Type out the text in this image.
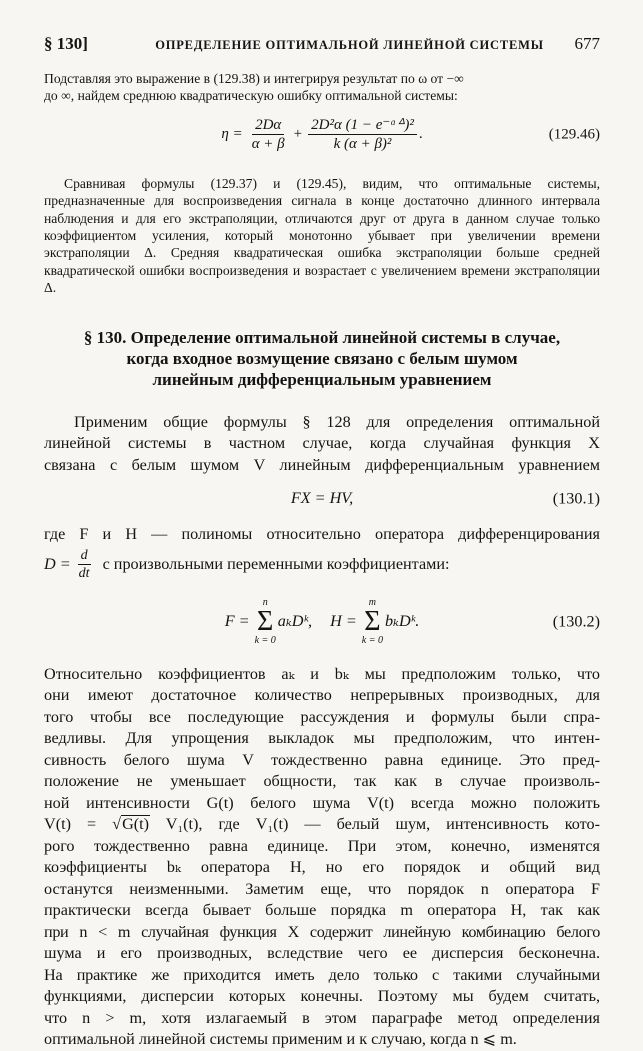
§ 130]	ОПРЕДЕЛЕНИЕ ОПТИМАЛЬНОЙ ЛИНЕЙНОЙ СИСТЕМЫ	677

Подставляя это выражение в (129.38) и интегрируя результат по ω от −∞

до ∞, найдем среднюю квадратическую ошибку оптимальной системы:

$\eta = \frac{2D\alpha}{\alpha + \beta} + \frac{\text{2D²α (1 − e⁻ᵅᐞ)²}}{\text{k (α + β)²}}$ .	(129.46)

Сравнивая формулы (129.37) и (129.45), видим, что оптимальные системы, предназначенные для воспроизведения сигнала в конце достаточно длинного интервала наблюдения и для его экстраполяции, отличаются друг от друга в данном случае только коэффициентом усиления, который монотонно убывает при увеличении времени экстраполяции Δ. Средняя квадратическая ошибка экстраполяции больше средней квадратической ошибки воспроизведения и возрастает с увеличением времени экстраполяции Δ.

§ 130. Определение оптимальной линейной системы в случае,
когда входное возмущение связано с белым шумом
линейным дифференциальным уравнением
Применим общие формулы § 128 для определения оптимальной
линейной системы в частном случае, когда случайная функция X
связана с белым шумом V линейным дифференциальным уравнением
FX = HV,	(130.1)
где F и H — полиномы относительно оператора дифференцирования
$D = \frac{d}{dt}$ с произвольными переменными коэффициентами:
F =
n
Σ
k = 0
aₖDᵏ, H =
m
Σ
k = 0
bₖDᵏ.	(130.2)
Относительно коэффициентов aₖ и bₖ мы предположим только, что
они имеют достаточное количество непрерывных производных, для
того чтобы все последующие рассуждения и формулы были спра-
ведливы. Для упрощения выкладок мы предположим, что интен-
сивность белого шума V тождественно равна единице. Это пред-
положение не уменьшает общности, так как в случае произволь-
ной интенсивности G(t) белого шума V(t) всегда можно положить
V(t) = √G(t) V₁(t), где V₁(t) — белый шум, интенсивность кото-
рого тождественно равна единице. При этом, конечно, изменятся
коэффициенты bₖ оператора H, но его порядок и общий вид
останутся неизменными. Заметим еще, что порядок n оператора F
практически всегда бывает больше порядка m оператора H, так как
при n < m случайная функция X содержит линейную комбинацию белого
шума и его производных, вследствие чего ее дисперсия бесконечна.
На практике же приходится иметь дело только с такими случайными
функциями, дисперсии которых конечны. Поэтому мы будем считать,
что n > m, хотя излагаемый в этом параграфе метод определения
оптимальной линейной системы применим и к случаю, когда n ⩽ m.
